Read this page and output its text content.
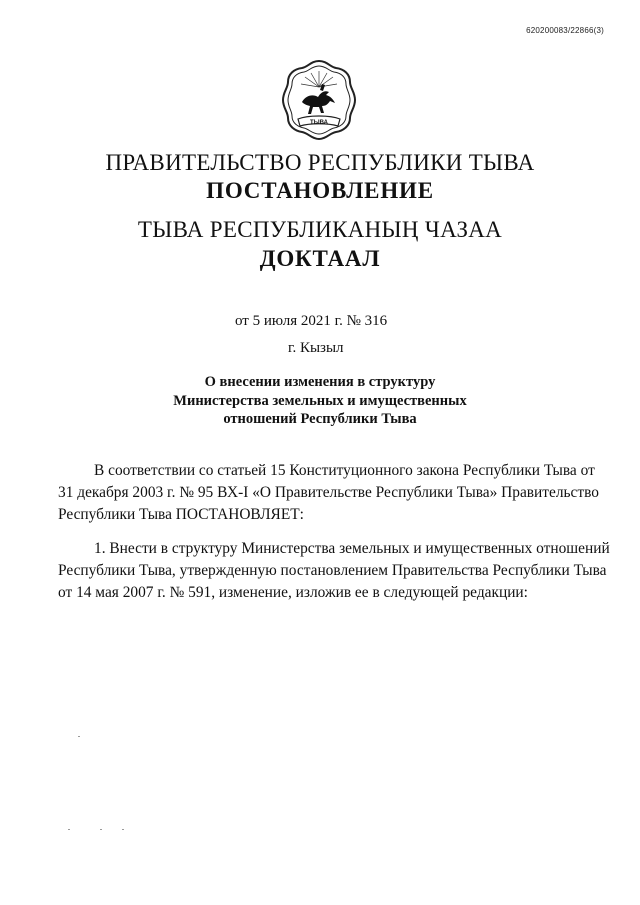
620200083/22866(3)
ТЫВА
ПРАВИТЕЛЬСТВО РЕСПУБЛИКИ ТЫВА
ПОСТАНОВЛЕНИЕ
ТЫВА РЕСПУБЛИКАНЫҢ ЧАЗАА
ДОКТААЛ
от 5 июля 2021 г. № 316
г. Кызыл
О внесении изменения в структуру
Министерства земельных и имущественных
отношений Республики Тыва
В соответствии со статьей 15 Конституционного закона Республики Тыва от
31 декабря 2003 г. № 95 ВХ-I «О Правительстве Республики Тыва» Правительство
Республики Тыва ПОСТАНОВЛЯЕТ:
1. Внести в структуру Министерства земельных и имущественных отношений
Республики Тыва, утвержденную постановлением Правительства Республики Тыва
от 14 мая 2007 г. № 591, изменение, изложив ее в следующей редакции:
